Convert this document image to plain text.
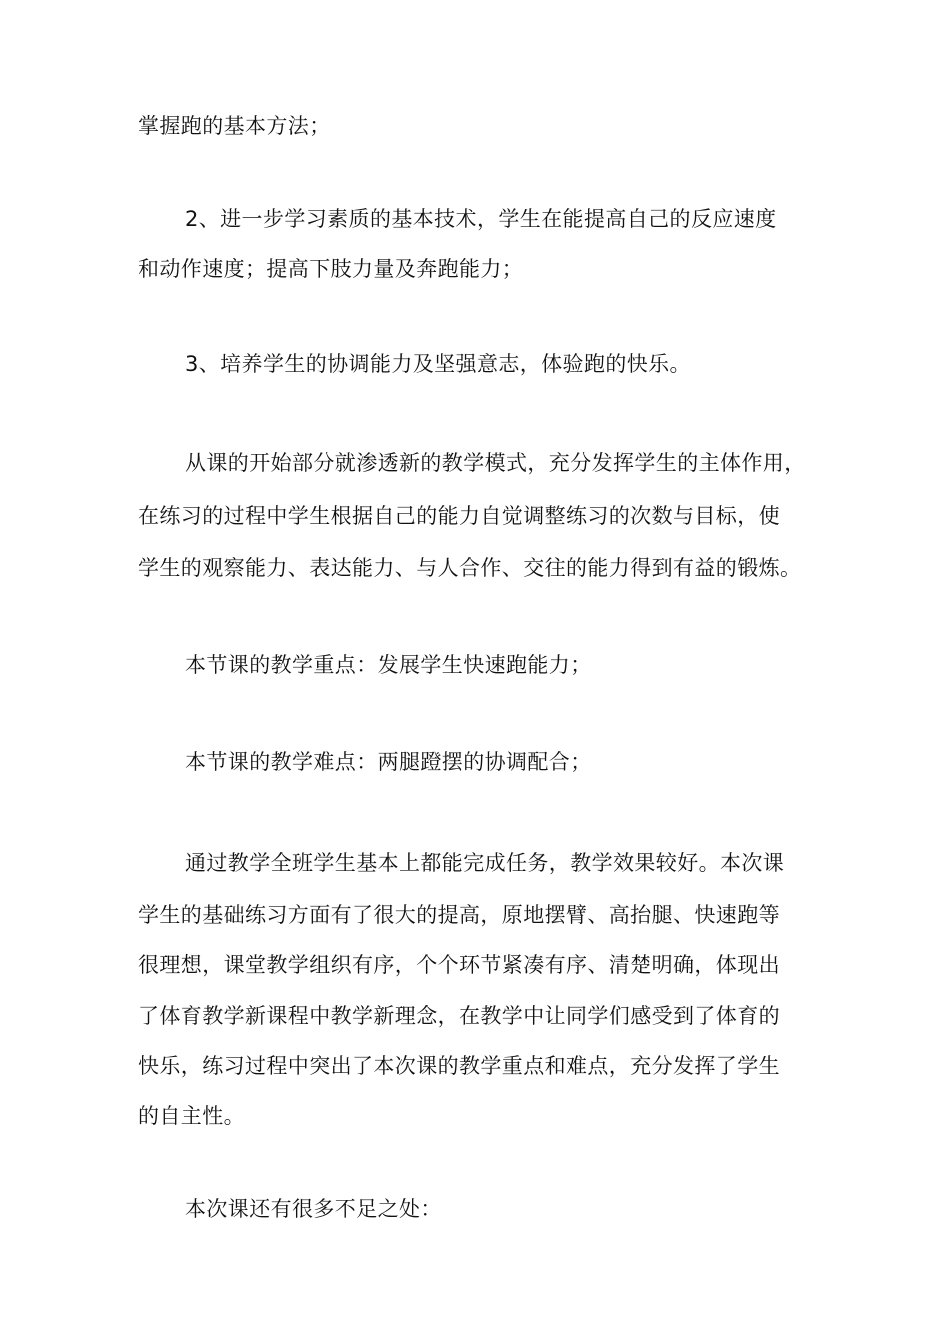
掌握跑的基本方法；
2、进一步学习素质的基本技术，学生在能提高自己的反应速度
和动作速度；提高下肢力量及奔跑能力；
3、培养学生的协调能力及坚强意志，体验跑的快乐。
从课的开始部分就渗透新的教学模式，充分发挥学生的主体作用，
在练习的过程中学生根据自己的能力自觉调整练习的次数与目标，使
学生的观察能力、表达能力、与人合作、交往的能力得到有益的锻炼。
本节课的教学重点：发展学生快速跑能力；
本节课的教学难点：两腿蹬摆的协调配合；
通过教学全班学生基本上都能完成任务，教学效果较好。本次课
学生的基础练习方面有了很大的提高，原地摆臂、高抬腿、快速跑等
很理想，课堂教学组织有序，个个环节紧凑有序、清楚明确，体现出
了体育教学新课程中教学新理念，在教学中让同学们感受到了体育的
快乐，练习过程中突出了本次课的教学重点和难点，充分发挥了学生
的自主性。
本次课还有很多不足之处：
